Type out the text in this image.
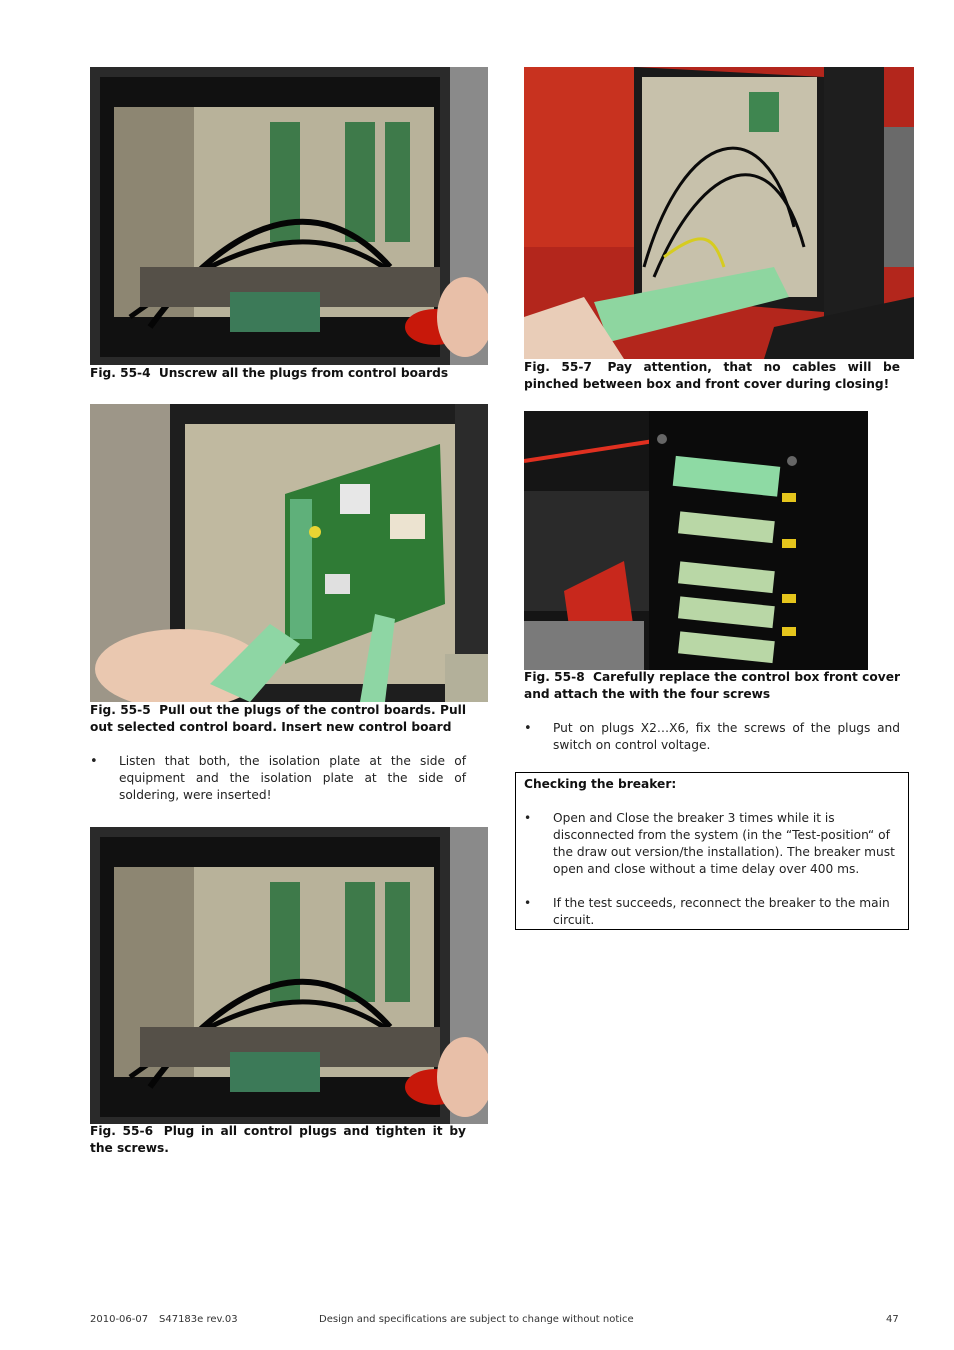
Fig. 55-4 Unscrew all the plugs from control boards
Fig. 55-5 Pull out the plugs of the control boards. Pull out selected control board. Insert new control board
• Listen that both, the isolation plate at the side of equipment and the isolation plate at the side of soldering, were inserted!
Fig. 55-6 Plug in all control plugs and tighten it by the screws.
Fig. 55-7 Pay attention, that no cables will be pinched between box and front cover during closing!
Fig. 55-8 Carefully replace the control box front cover and attach the with the four screws
• Put on plugs X2…X6, fix the screws of the plugs and switch on control voltage.
Checking the breaker:
• Open and Close the breaker 3 times while it is disconnected from the system (in the “Test-position“ of the draw out version/the installation). The breaker must open and close without a time delay over 400 ms.
• If the test succeeds, reconnect the breaker to the main circuit.
2010-06-07 S47183e rev.03	Design and specifications are subject to change without notice	47
